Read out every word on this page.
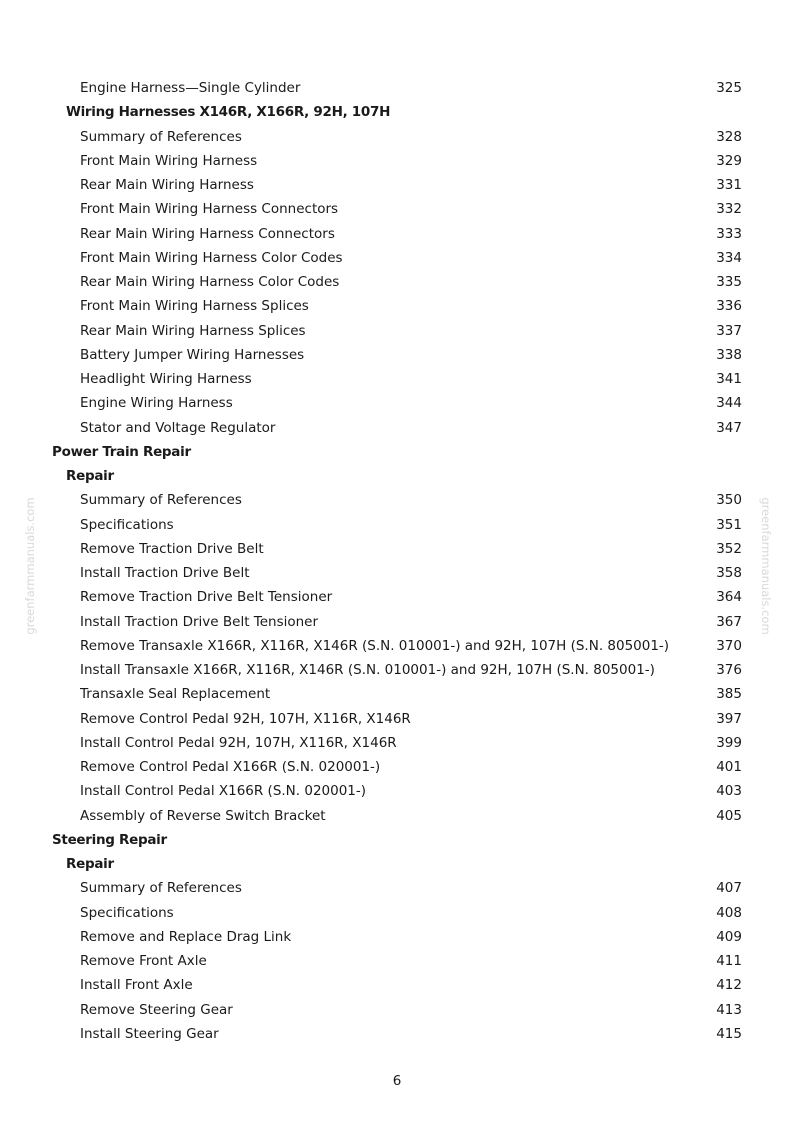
greenfarmmanuals.com	greenfarmmanuals.com
Engine Harness—Single Cylinder	325
Wiring Harnesses X146R, X166R, 92H, 107H
Summary of References	328
Front Main Wiring Harness	329
Rear Main Wiring Harness	331
Front Main Wiring Harness Connectors	332
Rear Main Wiring Harness Connectors	333
Front Main Wiring Harness Color Codes	334
Rear Main Wiring Harness Color Codes	335
Front Main Wiring Harness Splices	336
Rear Main Wiring Harness Splices	337
Battery Jumper Wiring Harnesses	338
Headlight Wiring Harness	341
Engine Wiring Harness	344
Stator and Voltage Regulator	347
Power Train Repair
Repair
Summary of References	350
Specifications	351
Remove Traction Drive Belt	352
Install Traction Drive Belt	358
Remove Traction Drive Belt Tensioner	364
Install Traction Drive Belt Tensioner	367
Remove Transaxle X166R, X116R, X146R (S.N. 010001-) and 92H, 107H (S.N. 805001-)	370
Install Transaxle X166R, X116R, X146R (S.N. 010001-) and 92H, 107H (S.N. 805001-)	376
Transaxle Seal Replacement	385
Remove Control Pedal 92H, 107H, X116R, X146R	397
Install Control Pedal 92H, 107H, X116R, X146R	399
Remove Control Pedal X166R (S.N. 020001-)	401
Install Control Pedal X166R (S.N. 020001-)	403
Assembly of Reverse Switch Bracket	405
Steering Repair
Repair
Summary of References	407
Specifications	408
Remove and Replace Drag Link	409
Remove Front Axle	411
Install Front Axle	412
Remove Steering Gear	413
Install Steering Gear	415
6
